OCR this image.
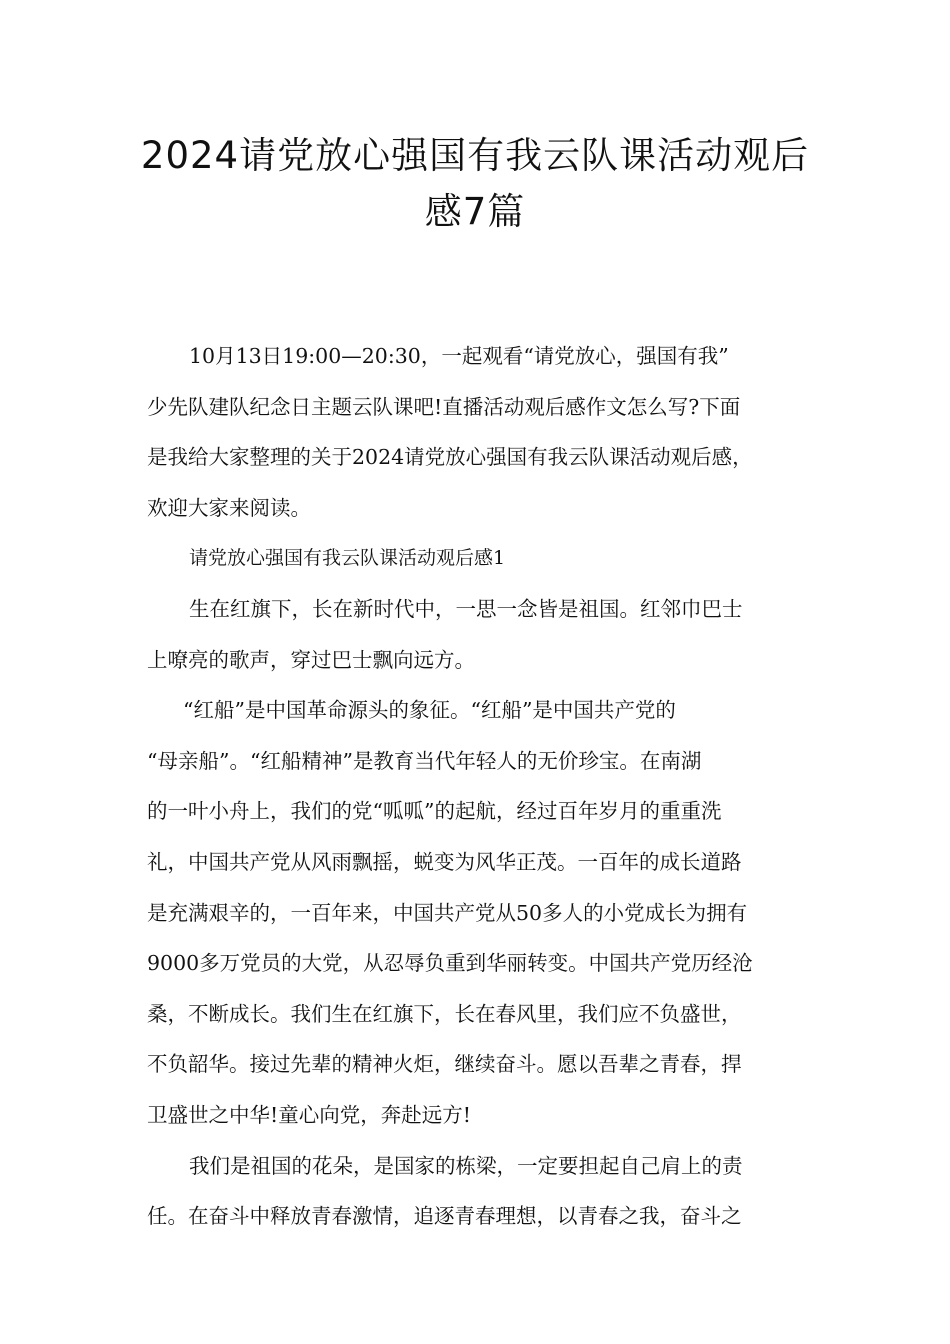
2024请党放心强国有我云队课活动观后
感7篇

10月13日19:00—20:30，一起观看“请党放心，强国有我”
少先队建队纪念日主题云队课吧!直播活动观后感作文怎么写?下面
是我给大家整理的关于2024请党放心强国有我云队课活动观后感，
欢迎大家来阅读。

请党放心强国有我云队课活动观后感1

生在红旗下，长在新时代中，一思一念皆是祖国。红邻巾巴士
上嘹亮的歌声，穿过巴士飘向远方。

“红船”是中国革命源头的象征。“红船”是中国共产党的
“母亲船”。“红船精神”是教育当代年轻人的无价珍宝。在南湖
的一叶小舟上，我们的党“呱呱”的起航，经过百年岁月的重重洗
礼，中国共产党从风雨飘摇，蜕变为风华正茂。一百年的成长道路
是充满艰辛的，一百年来，中国共产党从50多人的小党成长为拥有
9000多万党员的大党，从忍辱负重到华丽转变。中国共产党历经沧
桑，不断成长。我们生在红旗下，长在春风里，我们应不负盛世，
不负韶华。接过先辈的精神火炬，继续奋斗。愿以吾辈之青春，捍
卫盛世之中华!童心向党，奔赴远方!

我们是祖国的花朵，是国家的栋梁，一定要担起自己肩上的责
任。在奋斗中释放青春激情，追逐青春理想，以青春之我，奋斗之
